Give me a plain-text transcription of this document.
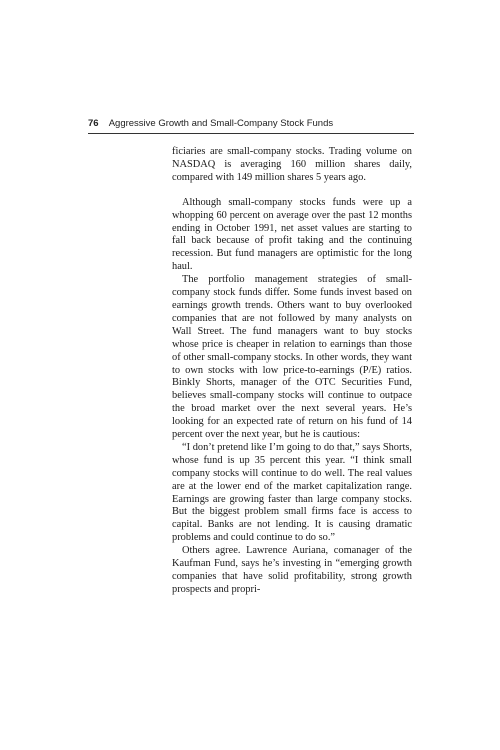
76 Aggressive Growth and Small-Company Stock Funds

ficiaries are small-company stocks. Trading volume on NASDAQ is averaging 160 million shares daily, compared with 149 million shares 5 years ago.

Although small-company stocks funds were up a whopping 60 percent on average over the past 12 months ending in October 1991, net asset values are starting to fall back because of profit taking and the continuing recession. But fund managers are optimistic for the long haul.

The portfolio management strategies of small-company stock funds differ. Some funds invest based on earnings growth trends. Others want to buy overlooked companies that are not followed by many analysts on Wall Street. The fund managers want to buy stocks whose price is cheaper in relation to earnings than those of other small-company stocks. In other words, they want to own stocks with low price-to-earnings (P/E) ratios. Binkly Shorts, manager of the OTC Securities Fund, believes small-company stocks will continue to outpace the broad market over the next several years. He’s looking for an expected rate of return on his fund of 14 percent over the next year, but he is cautious:

“I don’t pretend like I’m going to do that,” says Shorts, whose fund is up 35 percent this year. “I think small company stocks will continue to do well. The real values are at the lower end of the market capitalization range. Earnings are growing faster than large company stocks. But the biggest problem small firms face is access to capital. Banks are not lending. It is causing dramatic problems and could continue to do so.”

Others agree. Lawrence Auriana, comanager of the Kaufman Fund, says he’s investing in “emerging growth companies that have solid profitability, strong growth prospects and propri-
